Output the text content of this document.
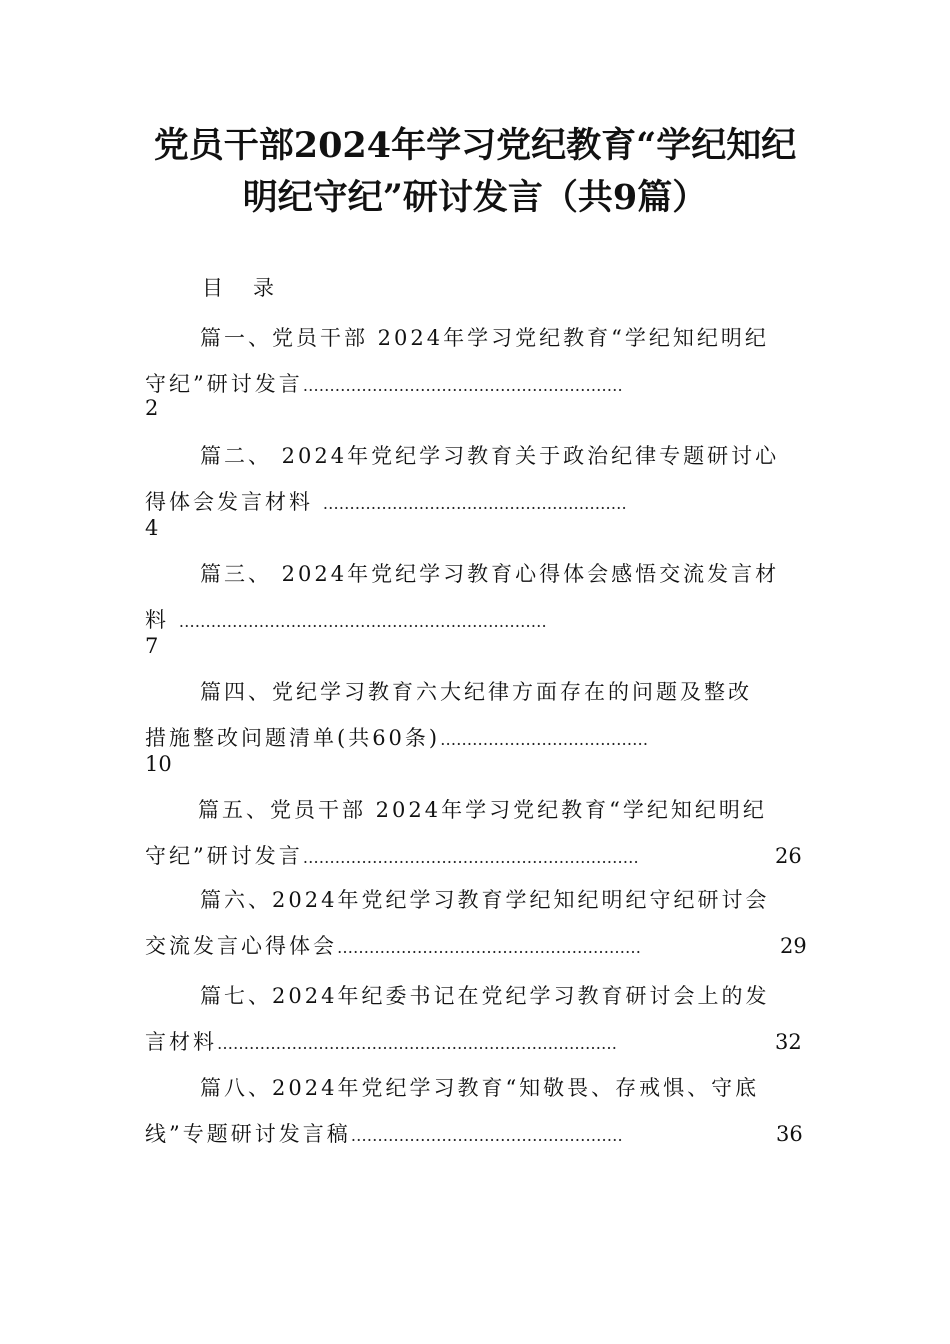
党员干部2024年学习党纪教育“学纪知纪
明纪守纪”研讨发言（共9篇）
目录
篇一、党员干部 2024年学习党纪教育“学纪知纪明纪
守纪”研讨发言……………………………………………………
2
篇二、 2024年党纪学习教育关于政治纪律专题研讨心
得体会发言材料 …………………………………………………
4
篇三、 2024年党纪学习教育心得体会感悟交流发言材
料 ……………………………………………………………
7
篇四、党纪学习教育六大纪律方面存在的问题及整改
措施整改问题清单(共60条)…………………………………
10
篇五、党员干部 2024年学习党纪教育“学纪知纪明纪
守纪”研讨发言………………………………………………………	26
篇六、2024年党纪学习教育学纪知纪明纪守纪研讨会
交流发言心得体会…………………………………………………	29
篇七、2024年纪委书记在党纪学习教育研讨会上的发
言材料…………………………………………………………………	32
篇八、2024年党纪学习教育“知敬畏、存戒惧、守底
线”专题研讨发言稿……………………………………………	36
